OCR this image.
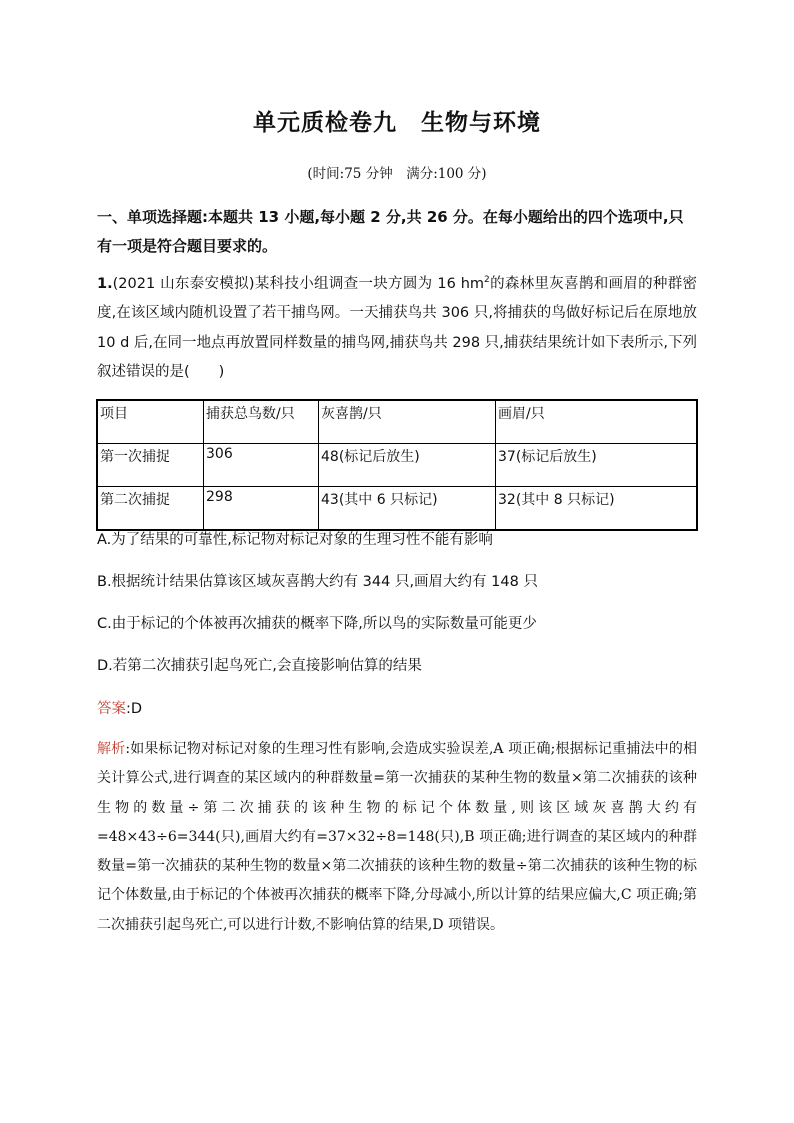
单元质检卷九　生物与环境
(时间:75 分钟　满分:100 分)
一、单项选择题:本题共 13 小题,每小题 2 分,共 26 分。在每小题给出的四个选项中,只有一项是符合题目要求的。
1.(2021 山东泰安模拟)某科技小组调查一块方圆为 16 $hm^2$的森林里灰喜鹊和画眉的种群密度,在该区域内随机设置了若干捕鸟网。一天捕获鸟共 306 只,将捕获的鸟做好标记后在原地放 10 d 后,在同一地点再放置同样数量的捕鸟网,捕获鸟共 298 只,捕获结果统计如下表所示,下列叙述错误的是(　　)
项目	捕获总鸟数/只	灰喜鹊/只	画眉/只
第一次捕捉	306	48(标记后放生)	37(标记后放生)
第二次捕捉	298	43(其中 6 只标记)	32(其中 8 只标记)
A.为了结果的可靠性,标记物对标记对象的生理习性不能有影响
B.根据统计结果估算该区域灰喜鹊大约有 344 只,画眉大约有 148 只
C.由于标记的个体被再次捕获的概率下降,所以鸟的实际数量可能更少
D.若第二次捕获引起鸟死亡,会直接影响估算的结果
答案:D
解析:如果标记物对标记对象的生理习性有影响,会造成实验误差,A 项正确;根据标记重捕法中的相关计算公式,进行调查的某区域内的种群数量=第一次捕获的某种生物的数量×第二次捕获的该种生物的数量÷第二次捕获的该种生物的标记个体数量,则该区域灰喜鹊大约有=48×43÷6=344(只),画眉大约有=37×32÷8=148(只),B 项正确;进行调查的某区域内的种群数量=第一次捕获的某种生物的数量×第二次捕获的该种生物的数量÷第二次捕获的该种生物的标记个体数量,由于标记的个体被再次捕获的概率下降,分母减小,所以计算的结果应偏大,C 项正确;第二次捕获引起鸟死亡,可以进行计数,不影响估算的结果,D 项错误。
